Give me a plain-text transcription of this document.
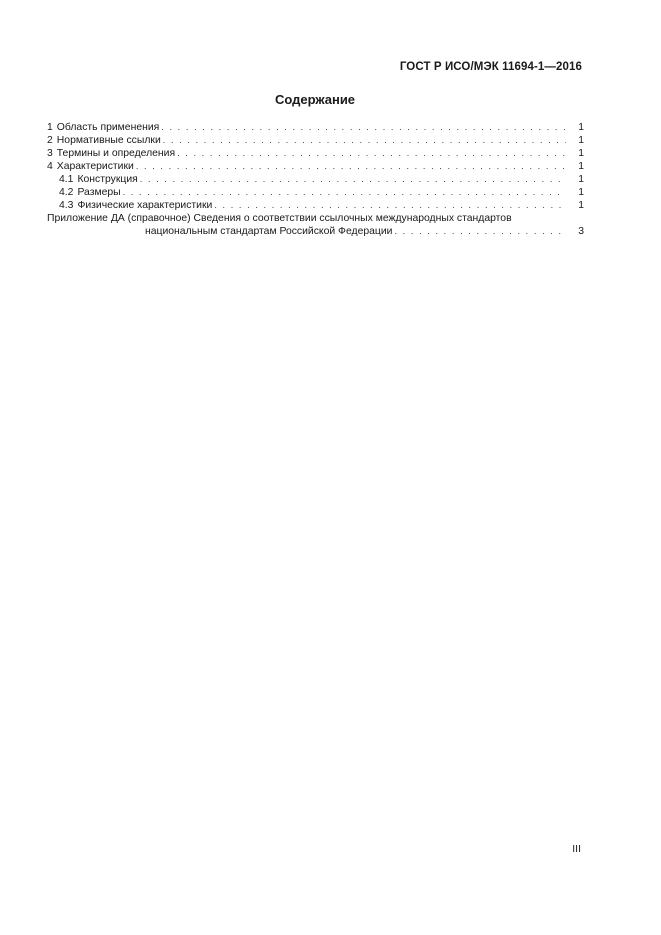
ГОСТ Р ИСО/МЭК 11694-1—2016
Содержание
1 Область применения . . .	1
2 Нормативные ссылки . . .	1
3 Термины и определения . . .	1
4 Характеристики . . .	1
4.1 Конструкция . . .	1
4.2 Размеры . . .	1
4.3 Физические характеристики . . .	1
Приложение ДА (справочное) Сведения о соответствии ссылочных международных стандартов
национальным стандартам Российской Федерации . . .	3
III
